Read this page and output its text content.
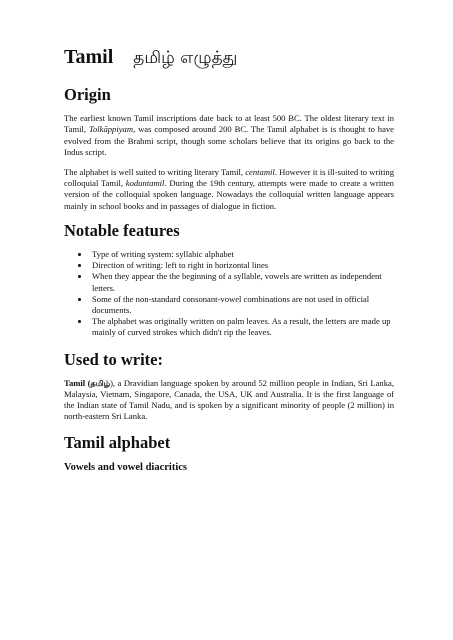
Tamil தமிழ் எழுத்து
Origin

The earliest known Tamil inscriptions date back to at least 500 BC. The oldest literary text in Tamil, Tolkāppiyam, was composed around 200 BC. The Tamil alphabet is is thought to have evolved from the Brahmi script, though some scholars believe that its origins go back to the Indus script.

The alphabet is well suited to writing literary Tamil, centamil. However it is ill-suited to writing colloquial Tamil, koduntamil. During the 19th century, attempts were made to create a written version of the colloquial spoken language. Nowadays the colloquial written language appears mainly in school books and in passages of dialogue in fiction.

Notable features
• Type of writing system: syllabic alphabet
• Direction of writing: left to right in horizontal lines
• When they appear the the beginning of a syllable, vowels are written as independent letters.
• Some of the non-standard consonant-vowel combinations are not used in official documents.
• The alphabet was originally written on palm leaves. As a result, the letters are made up mainly of curved strokes which didn't rip the leaves.
Used to write:

Tamil (தமிழ்), a Dravidian language spoken by around 52 million people in Indian, Sri Lanka, Malaysia, Vietnam, Singapore, Canada, the USA, UK and Australia. It is the first language of the Indian state of Tamil Nadu, and is spoken by a significant minority of people (2 million) in north-eastern Sri Lanka.

Tamil alphabet
Vowels and vowel diacritics
